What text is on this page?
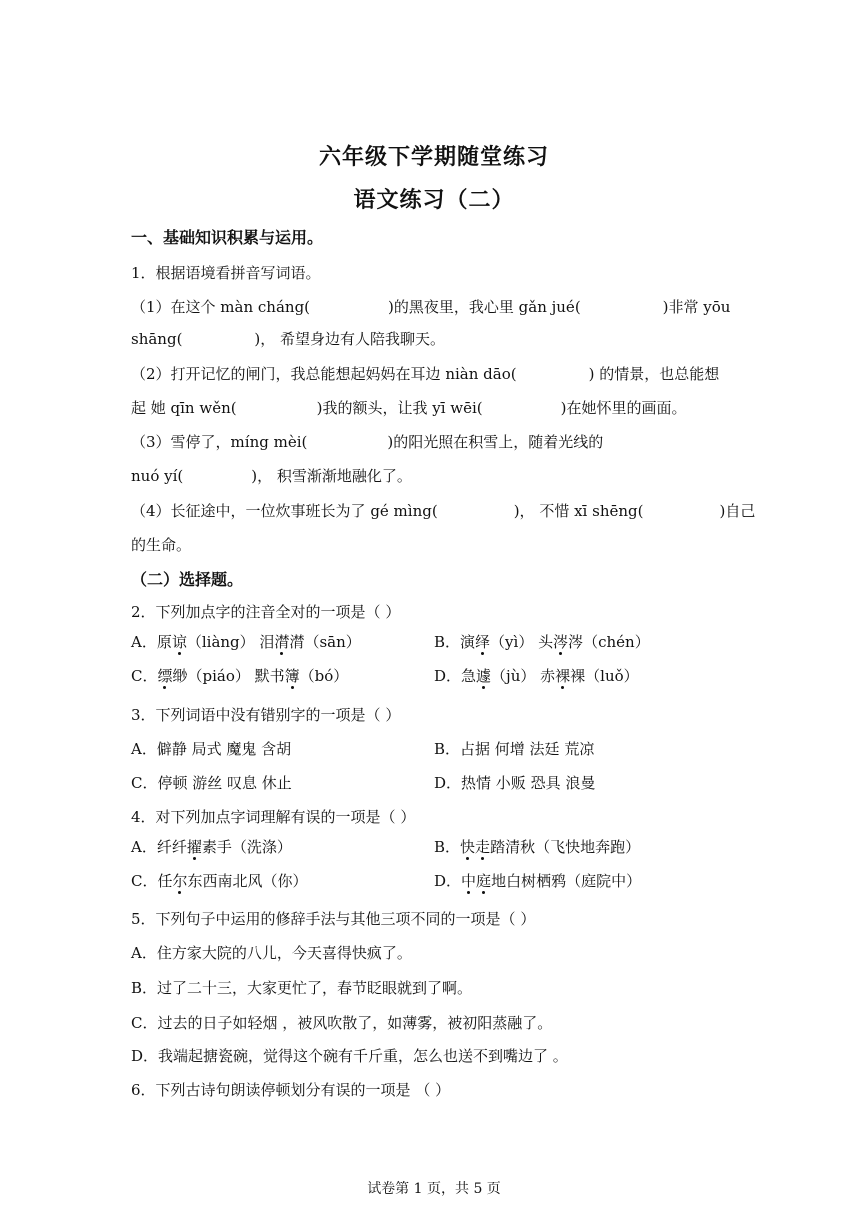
六年级下学期随堂练习
语文练习（二）
一、基础知识积累与运用。
1．根据语境看拼音写词语。
（1）在这个 màn cháng(	)的黑夜里，我心里 gǎn jué(	)非常 yōu
shāng(	)， 希望身边有人陪我聊天。
（2）打开记忆的闸门，我总能想起妈妈在耳边 niàn dāo(	) 的情景，也总能想
起 她 qīn wěn(	)我的额头，让我 yī wēi(	)在她怀里的画面。
（3）雪停了，míng mèi(	)的阳光照在积雪上，随着光线的
nuó yí(	)， 积雪渐渐地融化了。
（4）长征途中，一位炊事班长为了 gé mìng(	)， 不惜 xī shēng(	)自己
的生命。
（二）选择题。
2．下列加点字的注音全对的一项是（ ）
A．原谅（liàng） 泪潸潸（sān）	B．演绎（yì） 头涔涔（chén）
C．缥缈（piáo） 默书簿（bó）	D．急遽（jù） 赤裸裸（luǒ）
3．下列词语中没有错别字的一项是（ ）
A．僻静 局式 魔鬼 含胡	B．占据 何增 法廷 荒凉
C．停顿 游丝 叹息 休止	D．热情 小贩 恐具 浪曼
4．对下列加点字词理解有误的一项是（ ）
A．纤纤擢素手（洗涤）	B．快走踏清秋（飞快地奔跑）
C．任尔东西南北风（你）	D．中庭地白树栖鸦（庭院中）
5．下列句子中运用的修辞手法与其他三项不同的一项是（ ）
A．住方家大院的八儿，今天喜得快疯了。
B．过了二十三，大家更忙了，春节眨眼就到了啊。
C．过去的日子如轻烟 ，被风吹散了，如薄雾，被初阳蒸融了。
D．我端起搪瓷碗，觉得这个碗有千斤重，怎么也送不到嘴边了 。
6．下列古诗句朗读停顿划分有误的一项是 （ ）
试卷第 1 页，共 5 页
